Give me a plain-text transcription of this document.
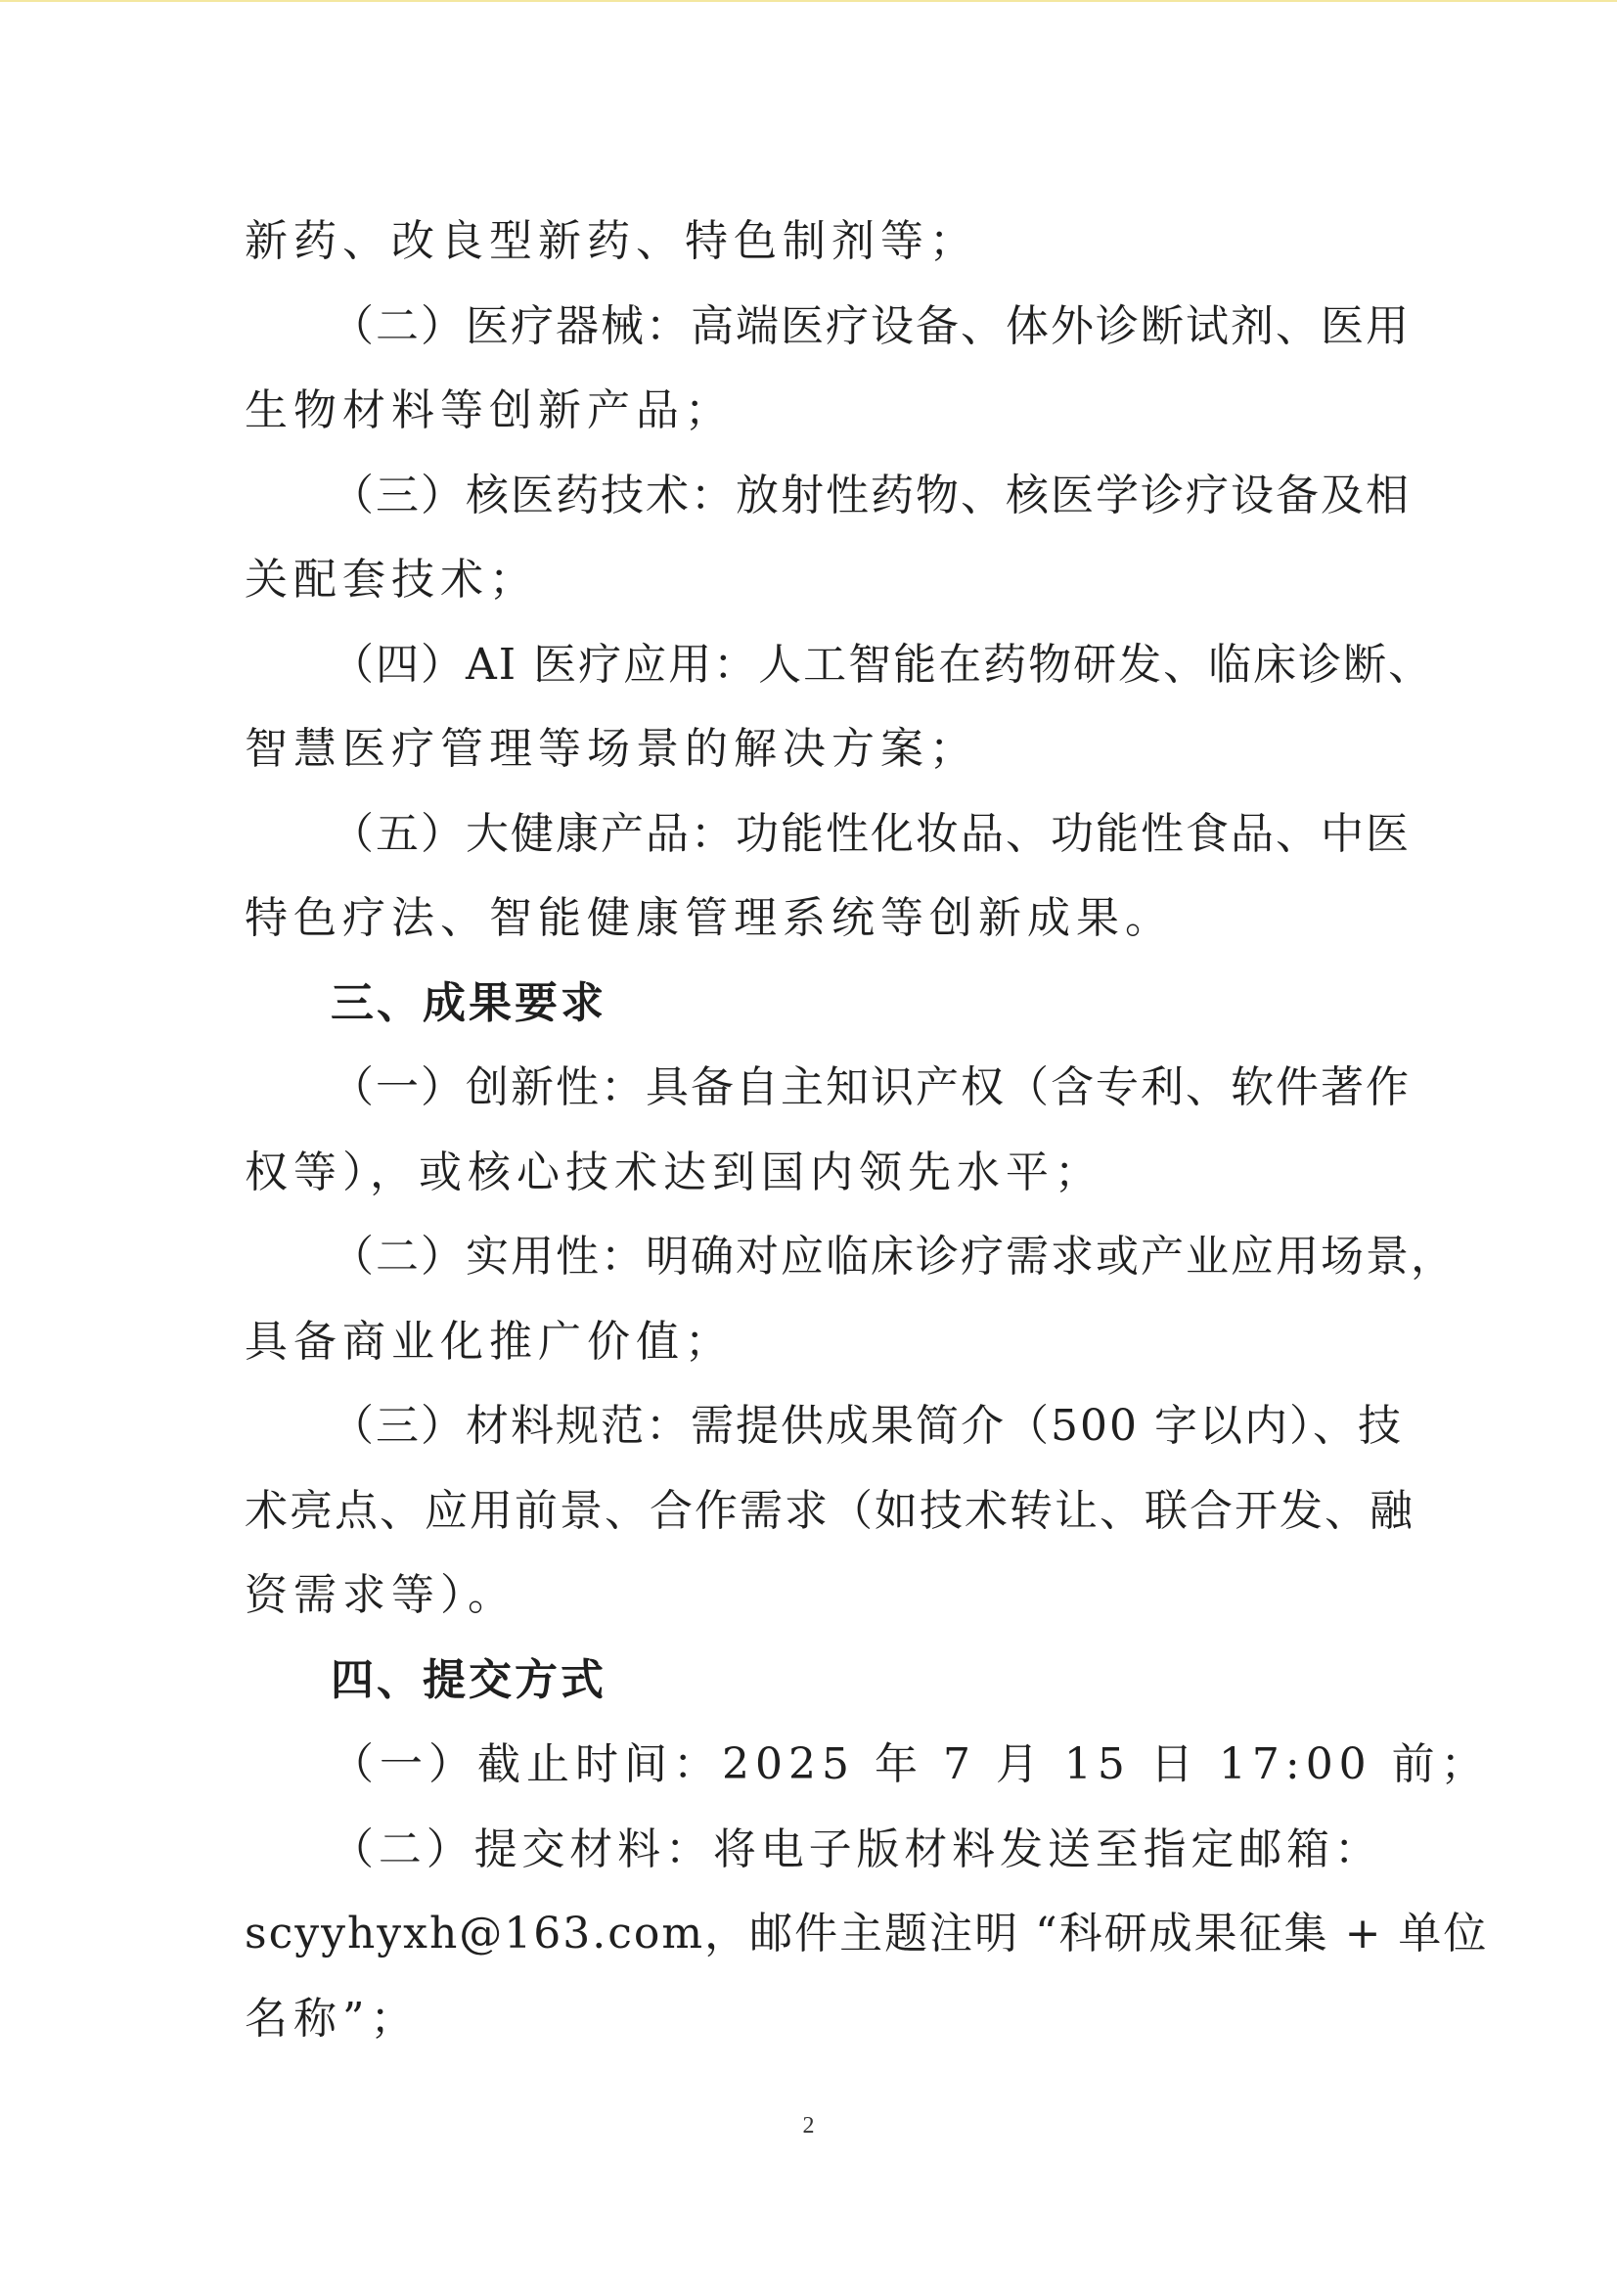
新药、改良型新药、特色制剂等；
（二）医疗器械：高端医疗设备、体外诊断试剂、医用
生物材料等创新产品；
（三）核医药技术：放射性药物、核医学诊疗设备及相
关配套技术；
（四）AI 医疗应用：人工智能在药物研发、临床诊断、
智慧医疗管理等场景的解决方案；
（五）大健康产品：功能性化妆品、功能性食品、中医
特色疗法、智能健康管理系统等创新成果。
三、成果要求
（一）创新性：具备自主知识产权（含专利、软件著作
权等），或核心技术达到国内领先水平；
（二）实用性：明确对应临床诊疗需求或产业应用场景，
具备商业化推广价值；
（三）材料规范：需提供成果简介（500 字以内）、技
术亮点、应用前景、合作需求（如技术转让、联合开发、融
资需求等）。
四、提交方式
（一）截止时间：2025 年 7 月 15 日 17:00 前；
（二）提交材料：将电子版材料发送至指定邮箱：
scyyhyxh@163.com，邮件主题注明 “科研成果征集 + 单位
名称”；
2
